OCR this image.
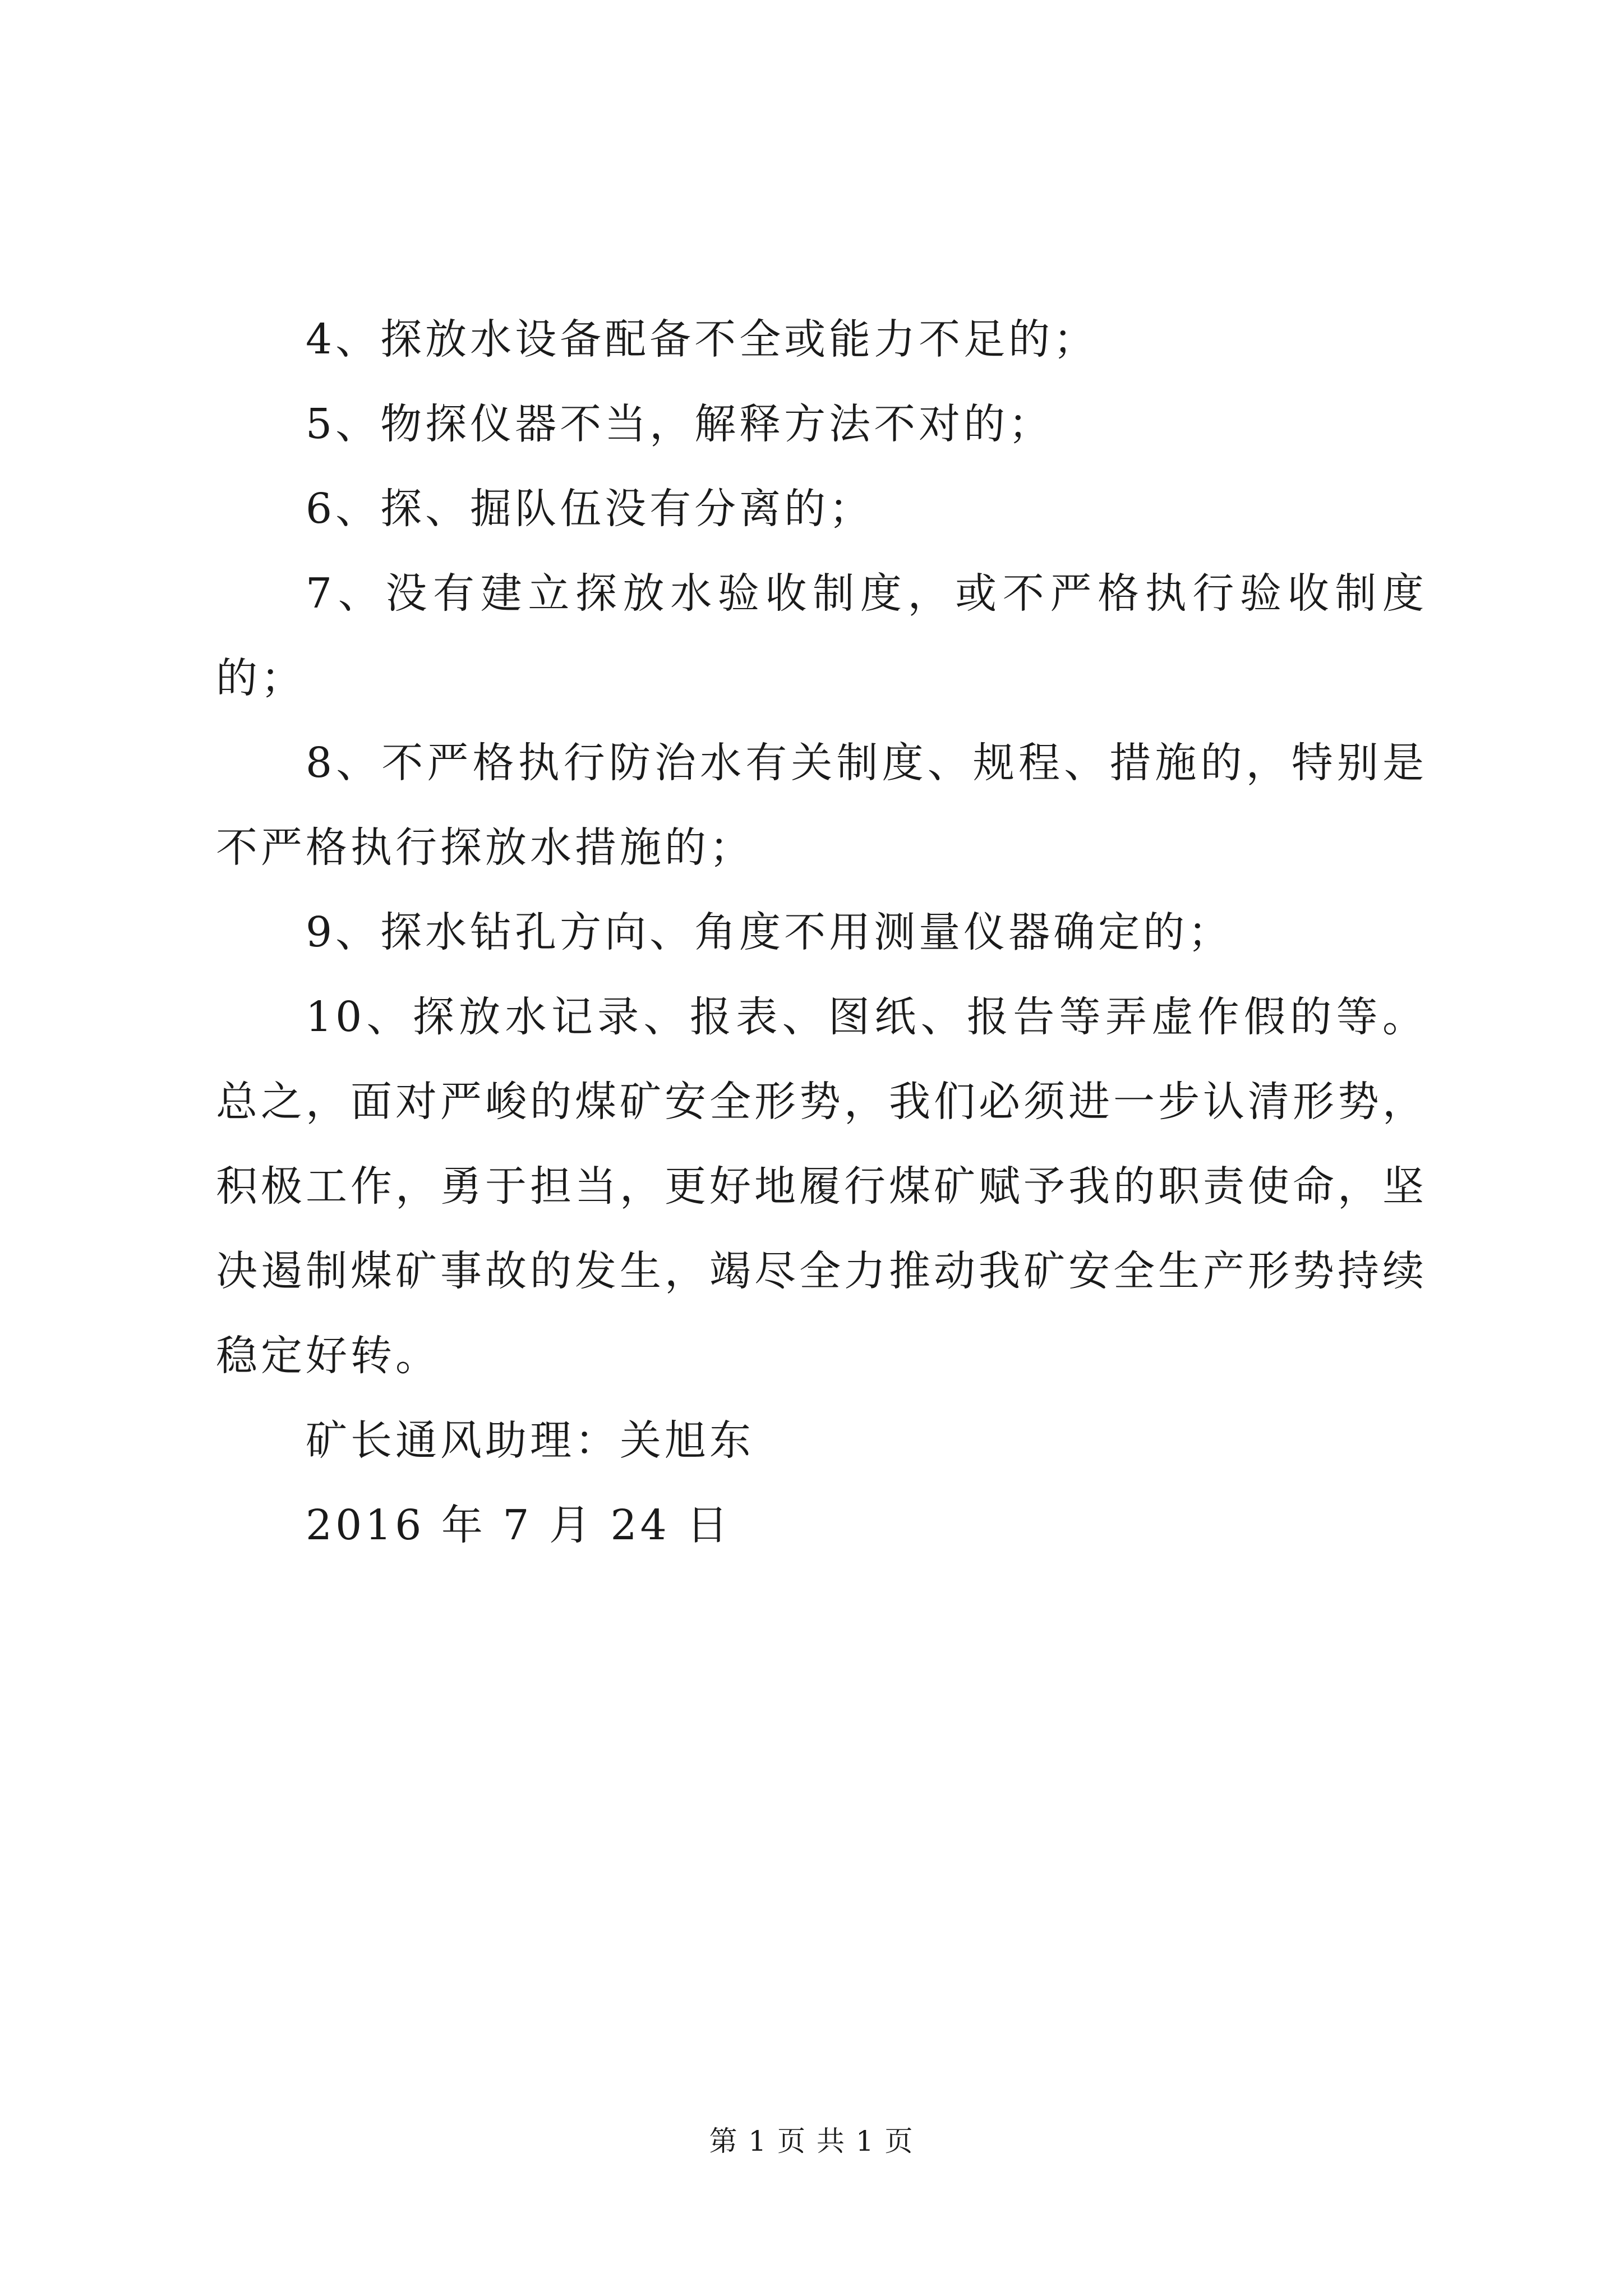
4、探放水设备配备不全或能力不足的；

5、物探仪器不当，解释方法不对的；

6、探、掘队伍没有分离的；

7、没有建立探放水验收制度，或不严格执行验收制度的；

8、不严格执行防治水有关制度、规程、措施的，特别是不严格执行探放水措施的；

9、探水钻孔方向、角度不用测量仪器确定的；

10、探放水记录、报表、图纸、报告等弄虚作假的等。总之，面对严峻的煤矿安全形势，我们必须进一步认清形势，积极工作，勇于担当，更好地履行煤矿赋予我的职责使命，坚决遏制煤矿事故的发生，竭尽全力推动我矿安全生产形势持续稳定好转。

矿长通风助理：关旭东

2016 年 7 月 24 日

第 1 页 共 1 页
